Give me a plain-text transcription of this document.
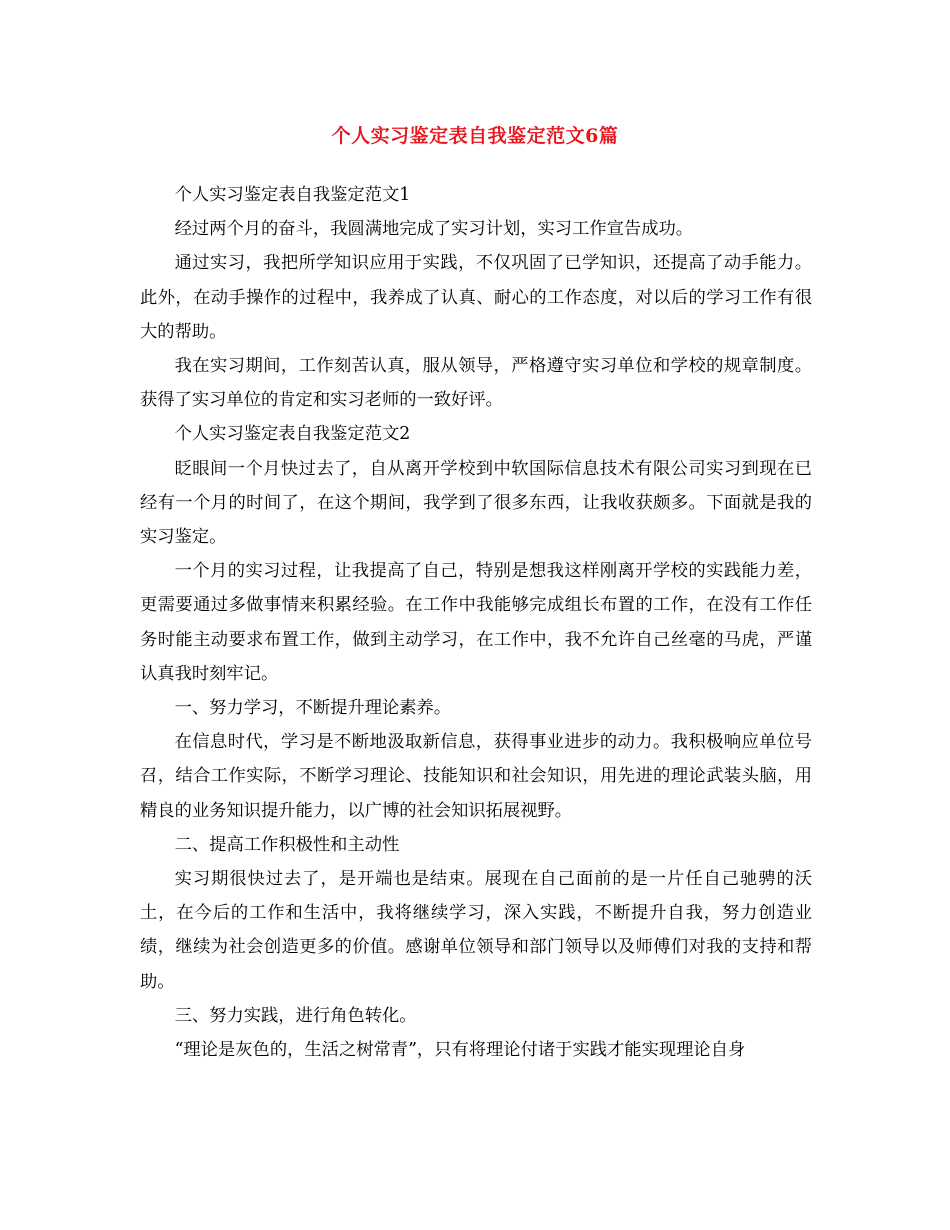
个人实习鉴定表自我鉴定范文6篇

个人实习鉴定表自我鉴定范文1

经过两个月的奋斗，我圆满地完成了实习计划，实习工作宣告成功。

通过实习，我把所学知识应用于实践，不仅巩固了已学知识，还提高了动手能力。此外，在动手操作的过程中，我养成了认真、耐心的工作态度，对以后的学习工作有很大的帮助。

我在实习期间，工作刻苦认真，服从领导，严格遵守实习单位和学校的规章制度。获得了实习单位的肯定和实习老师的一致好评。

个人实习鉴定表自我鉴定范文2

眨眼间一个月快过去了，自从离开学校到中软国际信息技术有限公司实习到现在已经有一个月的时间了，在这个期间，我学到了很多东西，让我收获颇多。下面就是我的实习鉴定。

一个月的实习过程，让我提高了自己，特别是想我这样刚离开学校的实践能力差，更需要通过多做事情来积累经验。在工作中我能够完成组长布置的工作，在没有工作任务时能主动要求布置工作，做到主动学习，在工作中，我不允许自己丝毫的马虎，严谨认真我时刻牢记。

一、努力学习，不断提升理论素养。

在信息时代，学习是不断地汲取新信息，获得事业进步的动力。我积极响应单位号召，结合工作实际，不断学习理论、技能知识和社会知识，用先进的理论武装头脑，用精良的业务知识提升能力，以广博的社会知识拓展视野。

二、提高工作积极性和主动性

实习期很快过去了，是开端也是结束。展现在自己面前的是一片任自己驰骋的沃土，在今后的工作和生活中，我将继续学习，深入实践，不断提升自我，努力创造业绩，继续为社会创造更多的价值。感谢单位领导和部门领导以及师傅们对我的支持和帮助。

三、努力实践，进行角色转化。

“理论是灰色的，生活之树常青”，只有将理论付诸于实践才能实现理论自身
